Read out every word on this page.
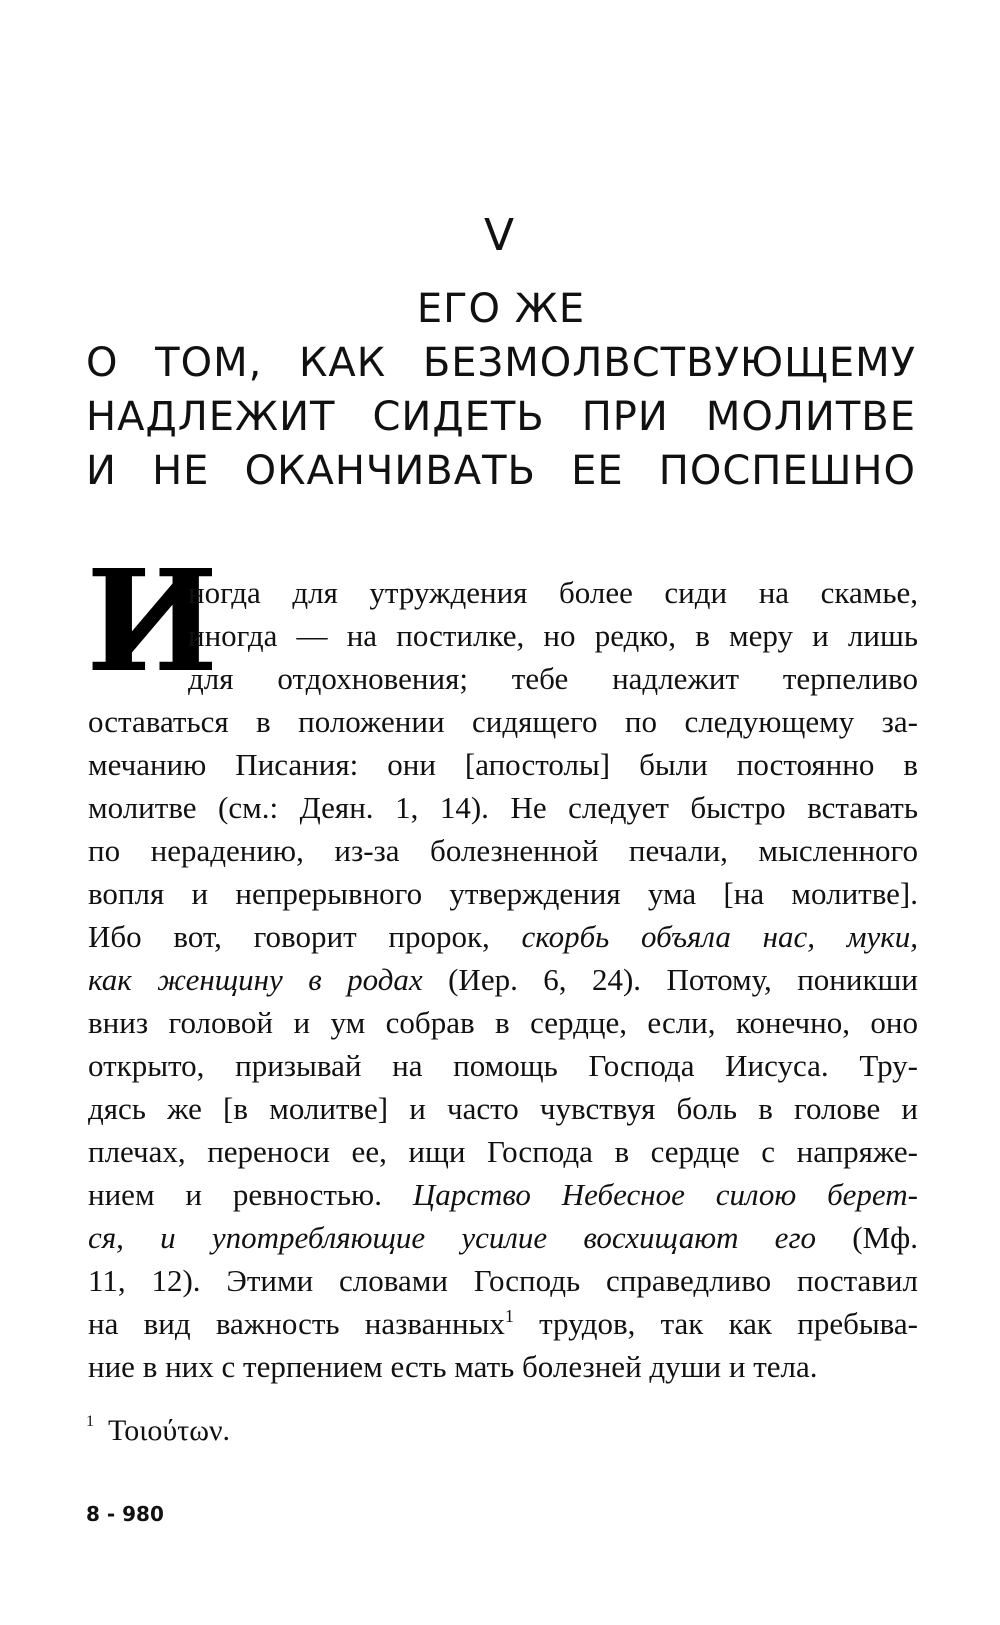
V
ЕГО ЖЕ
О ТОМ, КАК БЕЗМОЛВСТВУЮЩЕМУ
НАДЛЕЖИТ СИДЕТЬ ПРИ МОЛИТВЕ
И НЕ ОКАНЧИВАТЬ ЕЕ ПОСПЕШНО
И
ногда для утруждения более сиди на скамье,
иногда — на постилке, но редко, в меру и лишь
для отдохновения; тебе надлежит терпеливо
оставаться в положении сидящего по следующему за-
мечанию Писания: они [апостолы] были постоянно в
молитве (см.: Деян. 1, 14). Не следует быстро вставать
по нерадению, из-за болезненной печали, мысленного
вопля и непрерывного утверждения ума [на молитве].
Ибо вот, говорит пророк, скорбь объяла нас, муки,
как женщину в родах (Иер. 6, 24). Потому, поникши
вниз головой и ум собрав в сердце, если, конечно, оно
открыто, призывай на помощь Господа Иисуса. Тру-
дясь же [в молитве] и часто чувствуя боль в голове и
плечах, переноси ее, ищи Господа в сердце с напряже-
нием и ревностью. Царство Небесное силою берет-
ся, и употребляющие усилие восхищают его (Мф.
11, 12). Этими словами Господь справедливо поставил
на вид важность названных$^1$ трудов, так как пребыва-
ние в них с терпением есть мать болезней души и тела.
$^1$ Τοιούτων.
8 - 980
